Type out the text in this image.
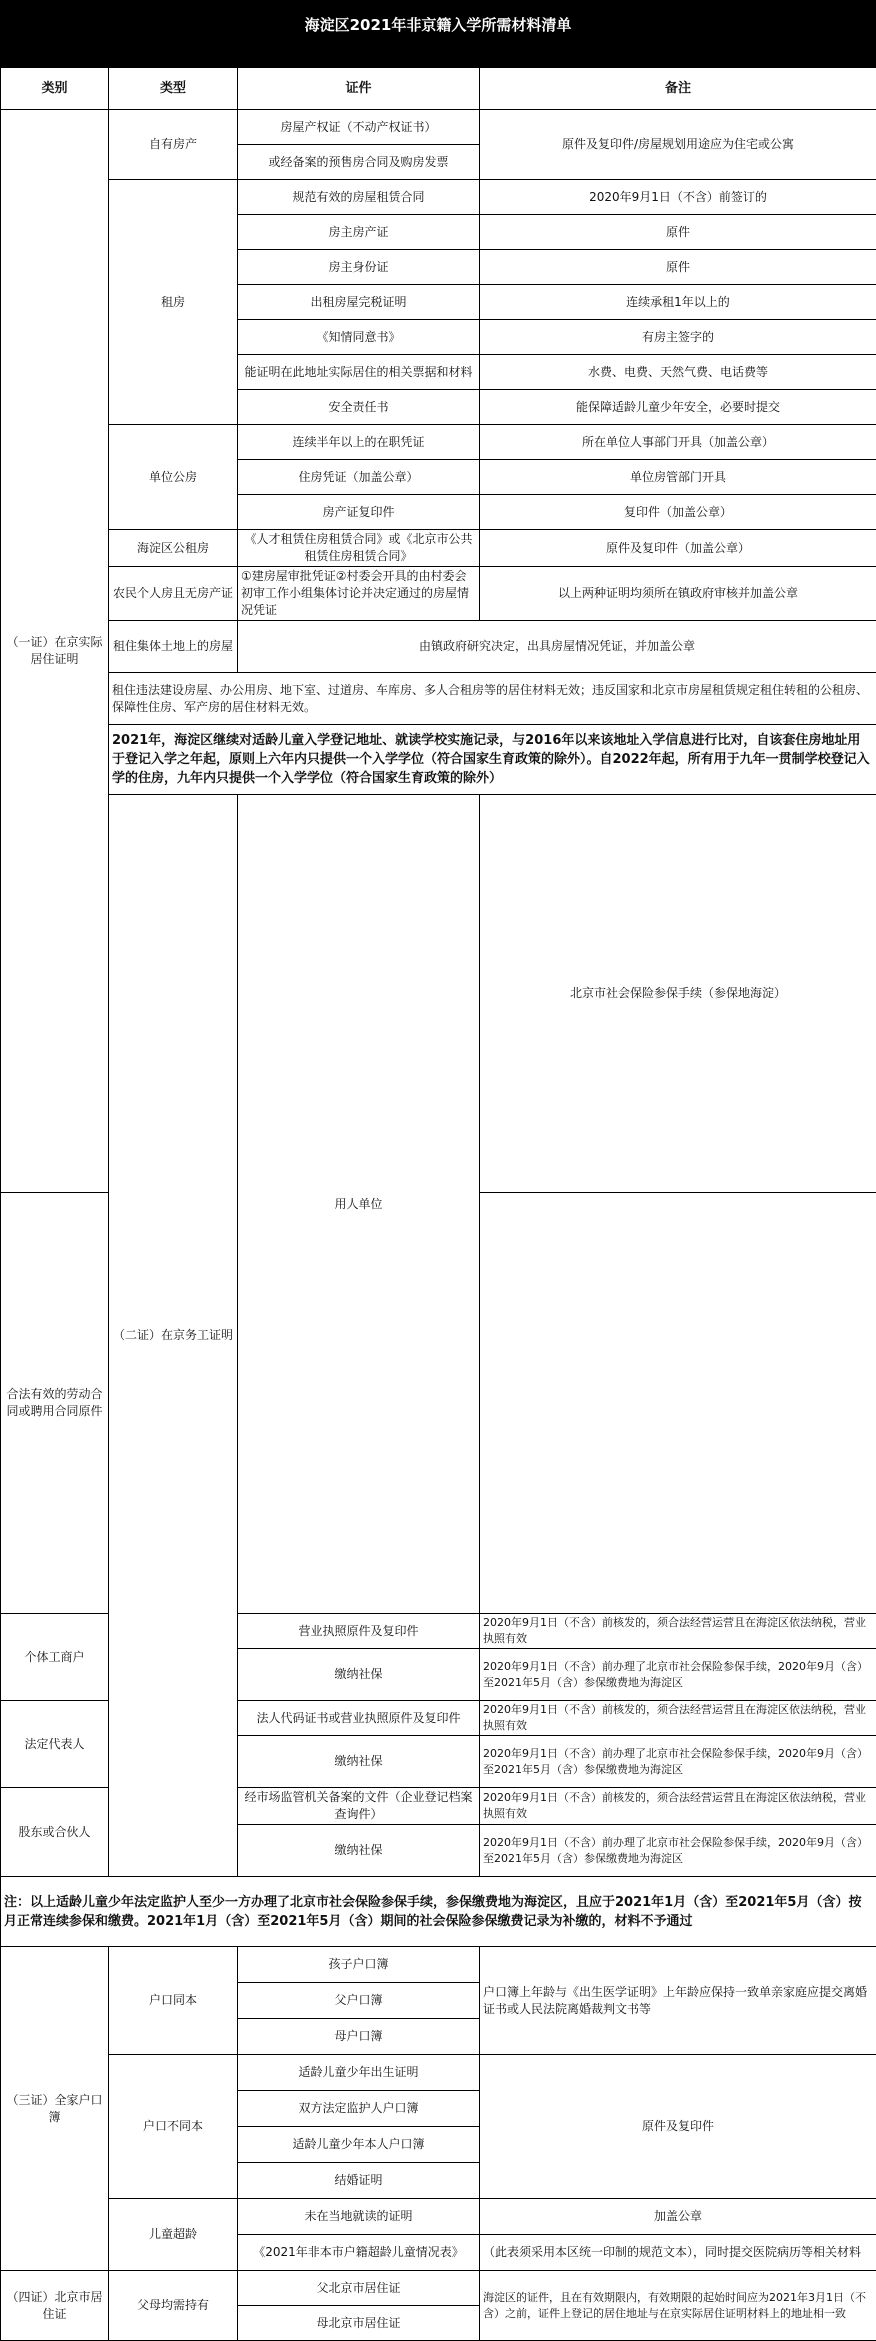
海淀区2021年非京籍入学所需材料清单
类别	类型	证件	备注	
（一证）在京实际居住证明	自有房产	房屋产权证（不动产权证书）	原件及复印件/房屋规划用途应为住宅或公寓	
		或经备案的预售房合同及购房发票		
	租房	规范有效的房屋租赁合同	2020年9月1日（不含）前签订的	
		房主房产证	原件	
		房主身份证	原件	
		出租房屋完税证明	连续承租1年以上的	
		《知情同意书》	有房主签字的	
		能证明在此地址实际居住的相关票据和材料	水费、电费、天然气费、电话费等	
		安全责任书	能保障适龄儿童少年安全，必要时提交	
	单位公房	连续半年以上的在职凭证	所在单位人事部门开具（加盖公章）	
		住房凭证（加盖公章）	单位房管部门开具	
		房产证复印件	复印件（加盖公章）	
	海淀区公租房	《人才租赁住房租赁合同》或《北京市公共租赁住房租赁合同》	原件及复印件（加盖公章）	
	农民个人房且无房产证	①建房屋审批凭证②村委会开具的由村委会初审工作小组集体讨论并决定通过的房屋情况凭证	以上两种证明均须所在镇政府审核并加盖公章	
	租住集体土地上的房屋	由镇政府研究决定，出具房屋情况凭证，并加盖公章		
	租住违法建设房屋、办公用房、地下室、过道房、车库房、多人合租房等的居住材料无效；违反国家和北京市房屋租赁规定租住转租的公租房、保障性住房、军产房的居住材料无效。			
	2021年，海淀区继续对适龄儿童入学登记地址、就读学校实施记录，与2016年以来该地址入学信息进行比对，自该套住房地址用于登记入学之年起，原则上六年内只提供一个入学学位（符合国家生育政策的除外）。自2022年起，所有用于九年一贯制学校登记入学的住房，九年内只提供一个入学学位（符合国家生育政策的除外）			
	（二证）在京务工证明	用人单位	北京市社会保险参保手续（参保地海淀）	
合法有效的劳动合同或聘用合同原件				
个体工商户		营业执照原件及复印件	2020年9月1日（不含）前核发的，须合法经营运营且在海淀区依法纳税，营业执照有效	
		缴纳社保	2020年9月1日（不含）前办理了北京市社会保险参保手续，2020年9月（含）至2021年5月（含）参保缴费地为海淀区	
法定代表人		法人代码证书或营业执照原件及复印件	2020年9月1日（不含）前核发的，须合法经营运营且在海淀区依法纳税，营业执照有效	
		缴纳社保	2020年9月1日（不含）前办理了北京市社会保险参保手续，2020年9月（含）至2021年5月（含）参保缴费地为海淀区	
股东或合伙人		经市场监管机关备案的文件（企业登记档案查询件）	2020年9月1日（不含）前核发的，须合法经营运营且在海淀区依法纳税，营业执照有效	
		缴纳社保	2020年9月1日（不含）前办理了北京市社会保险参保手续，2020年9月（含）至2021年5月（含）参保缴费地为海淀区	
注：以上适龄儿童少年法定监护人至少一方办理了北京市社会保险参保手续，参保缴费地为海淀区，且应于2021年1月（含）至2021年5月（含）按月正常连续参保和缴费。2021年1月（含）至2021年5月（含）期间的社会保险参保缴费记录为补缴的，材料不予通过				
（三证）全家户口簿	户口同本	孩子户口簿	户口簿上年龄与《出生医学证明》上年龄应保持一致单亲家庭应提交离婚证书或人民法院离婚裁判文书等	
		父户口簿		
		母户口簿		
	户口不同本	适龄儿童少年出生证明	原件及复印件	
		双方法定监护人户口簿		
		适龄儿童少年本人户口簿		
		结婚证明		
	儿童超龄	未在当地就读的证明	加盖公章	
		《2021年非本市户籍超龄儿童情况表》	（此表须采用本区统一印制的规范文本），同时提交医院病历等相关材料	
（四证）北京市居住证	父母均需持有	父北京市居住证	海淀区的证件，且在有效期限内，有效期限的起始时间应为2021年3月1日（不含）之前，证件上登记的居住地址与在京实际居住证明材料上的地址相一致	
		母北京市居住证		
